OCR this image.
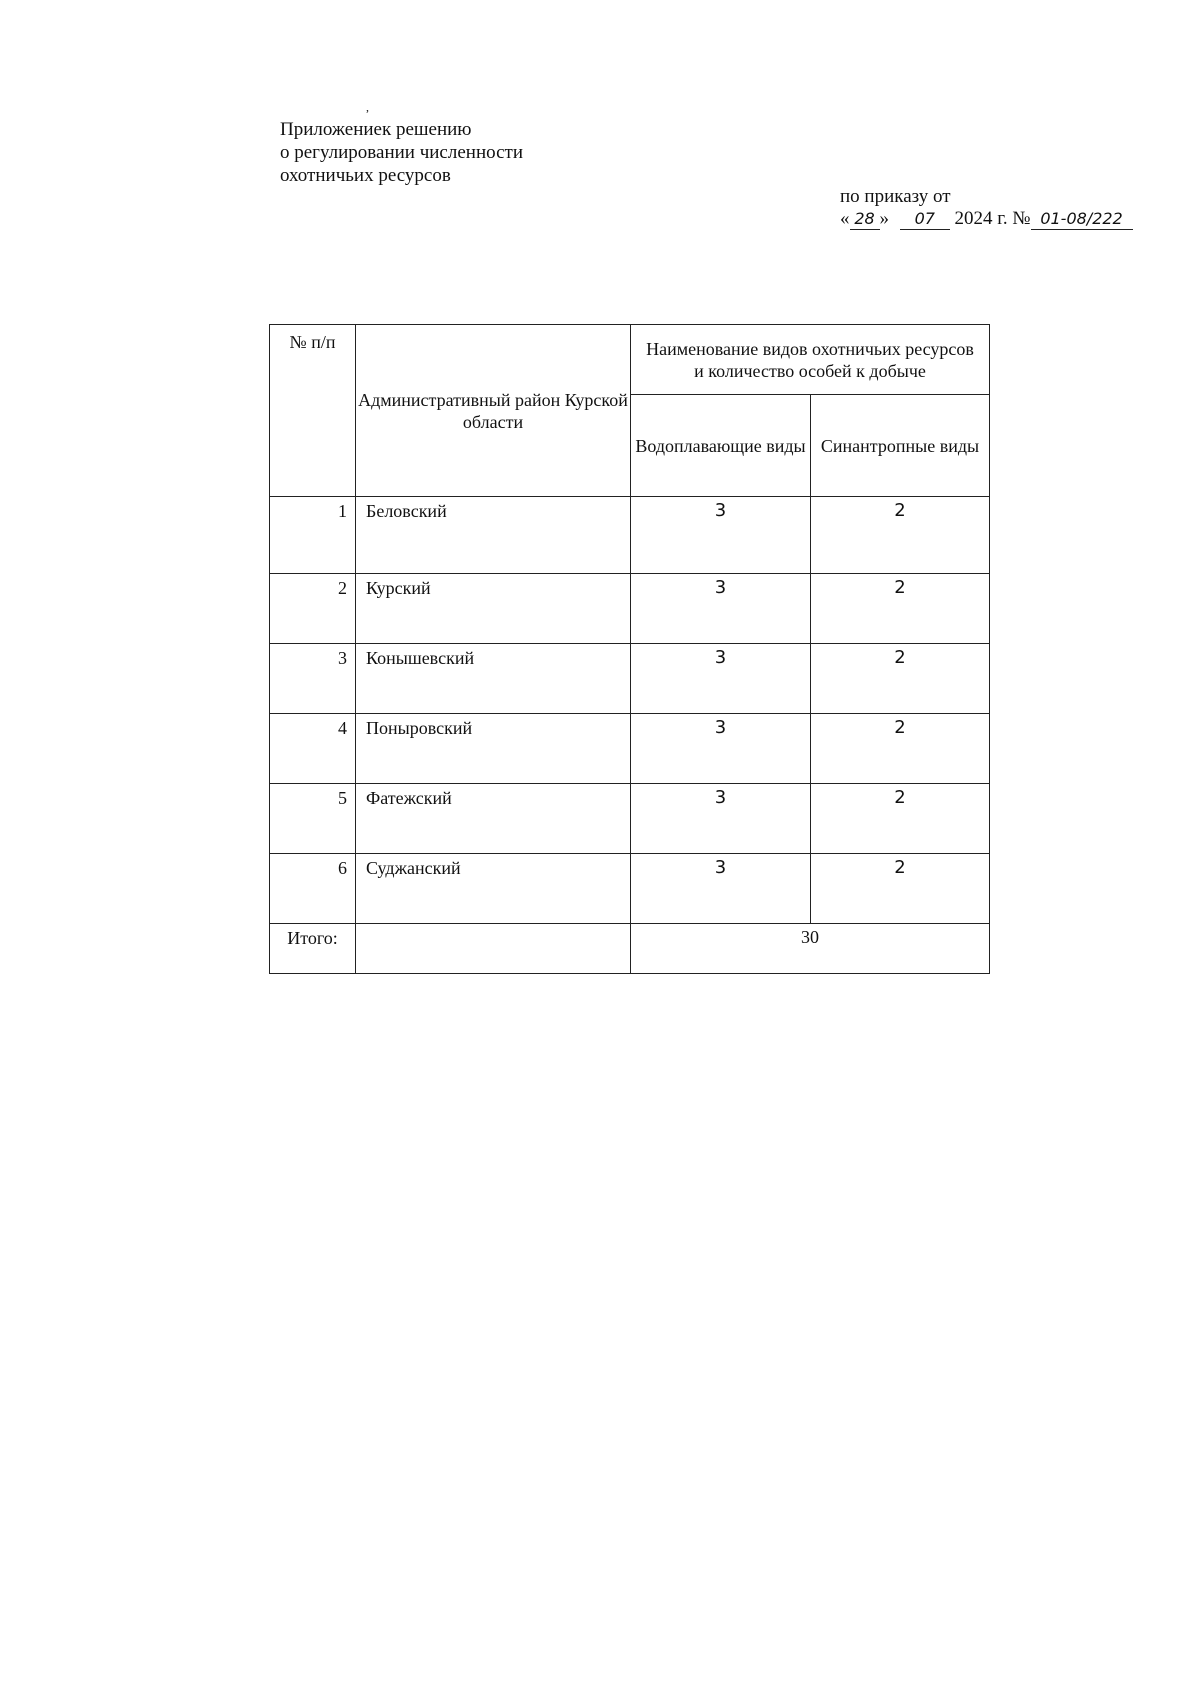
,
Приложениек решению
о регулировании численности
охотничьих ресурсов
по приказу от
« 28 » 07 2024 г. № 01-08/222
№ п/п	Административный район Курской области	Наименование видов охотничьих ресурсов и количество особей к добыче	
		Водоплавающие виды	Синантропные виды
1	Беловский	3	2
2	Курский	3	2
3	Конышевский	3	2
4	Поныровский	3	2
5	Фатежский	3	2
6	Суджанский	3	2
Итого:		30	
